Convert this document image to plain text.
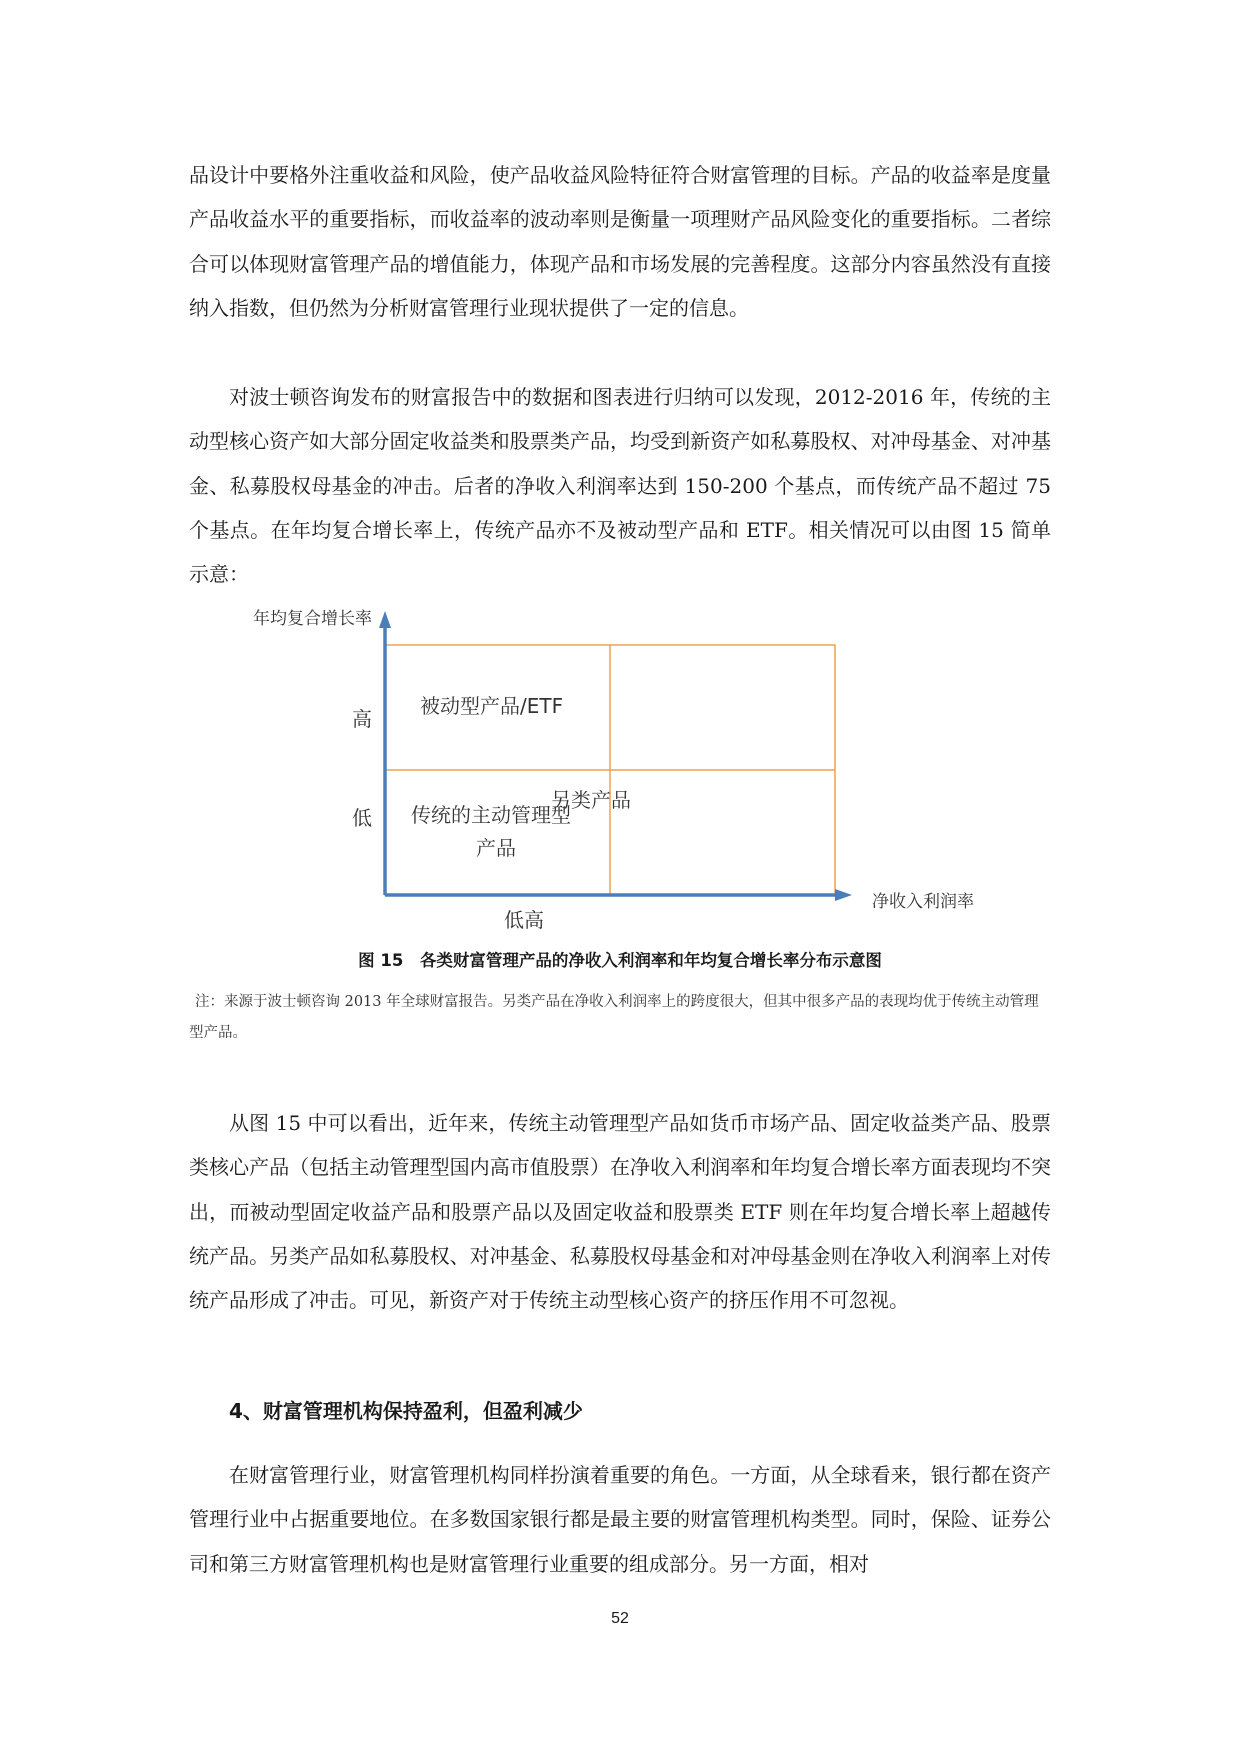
品设计中要格外注重收益和风险，使产品收益风险特征符合财富管理的目标。产品的收益率是度量产品收益水平的重要指标，而收益率的波动率则是衡量一项理财产品风险变化的重要指标。二者综合可以体现财富管理产品的增值能力，体现产品和市场发展的完善程度。这部分内容虽然没有直接纳入指数，但仍然为分析财富管理行业现状提供了一定的信息。

对波士顿咨询发布的财富报告中的数据和图表进行归纳可以发现，2012-2016 年，传统的主动型核心资产如大部分固定收益类和股票类产品，均受到新资产如私募股权、对冲母基金、对冲基金、私募股权母基金的冲击。后者的净收入利润率达到 150-200 个基点，而传统产品不超过 75 个基点。在年均复合增长率上，传统产品亦不及被动型产品和 ETF。相关情况可以由图 15 简单示意：

年均复合增长率
净收入利润率
高
低
低高
被动型产品/ETF
另类产品
传统的主动管理型
产品

图 15　各类财富管理产品的净收入利润率和年均复合增长率分布示意图

注：来源于波士顿咨询 2013 年全球财富报告。另类产品在净收入利润率上的跨度很大，但其中很多产品的表现均优于传统主动管理型产品。

从图 15 中可以看出，近年来，传统主动管理型产品如货币市场产品、固定收益类产品、股票类核心产品（包括主动管理型国内高市值股票）在净收入利润率和年均复合增长率方面表现均不突出，而被动型固定收益产品和股票产品以及固定收益和股票类 ETF 则在年均复合增长率上超越传统产品。另类产品如私募股权、对冲基金、私募股权母基金和对冲母基金则在净收入利润率上对传统产品形成了冲击。可见，新资产对于传统主动型核心资产的挤压作用不可忽视。

4、财富管理机构保持盈利，但盈利减少

在财富管理行业，财富管理机构同样扮演着重要的角色。一方面，从全球看来，银行都在资产管理行业中占据重要地位。在多数国家银行都是最主要的财富管理机构类型。同时，保险、证券公司和第三方财富管理机构也是财富管理行业重要的组成部分。另一方面，相对

52
